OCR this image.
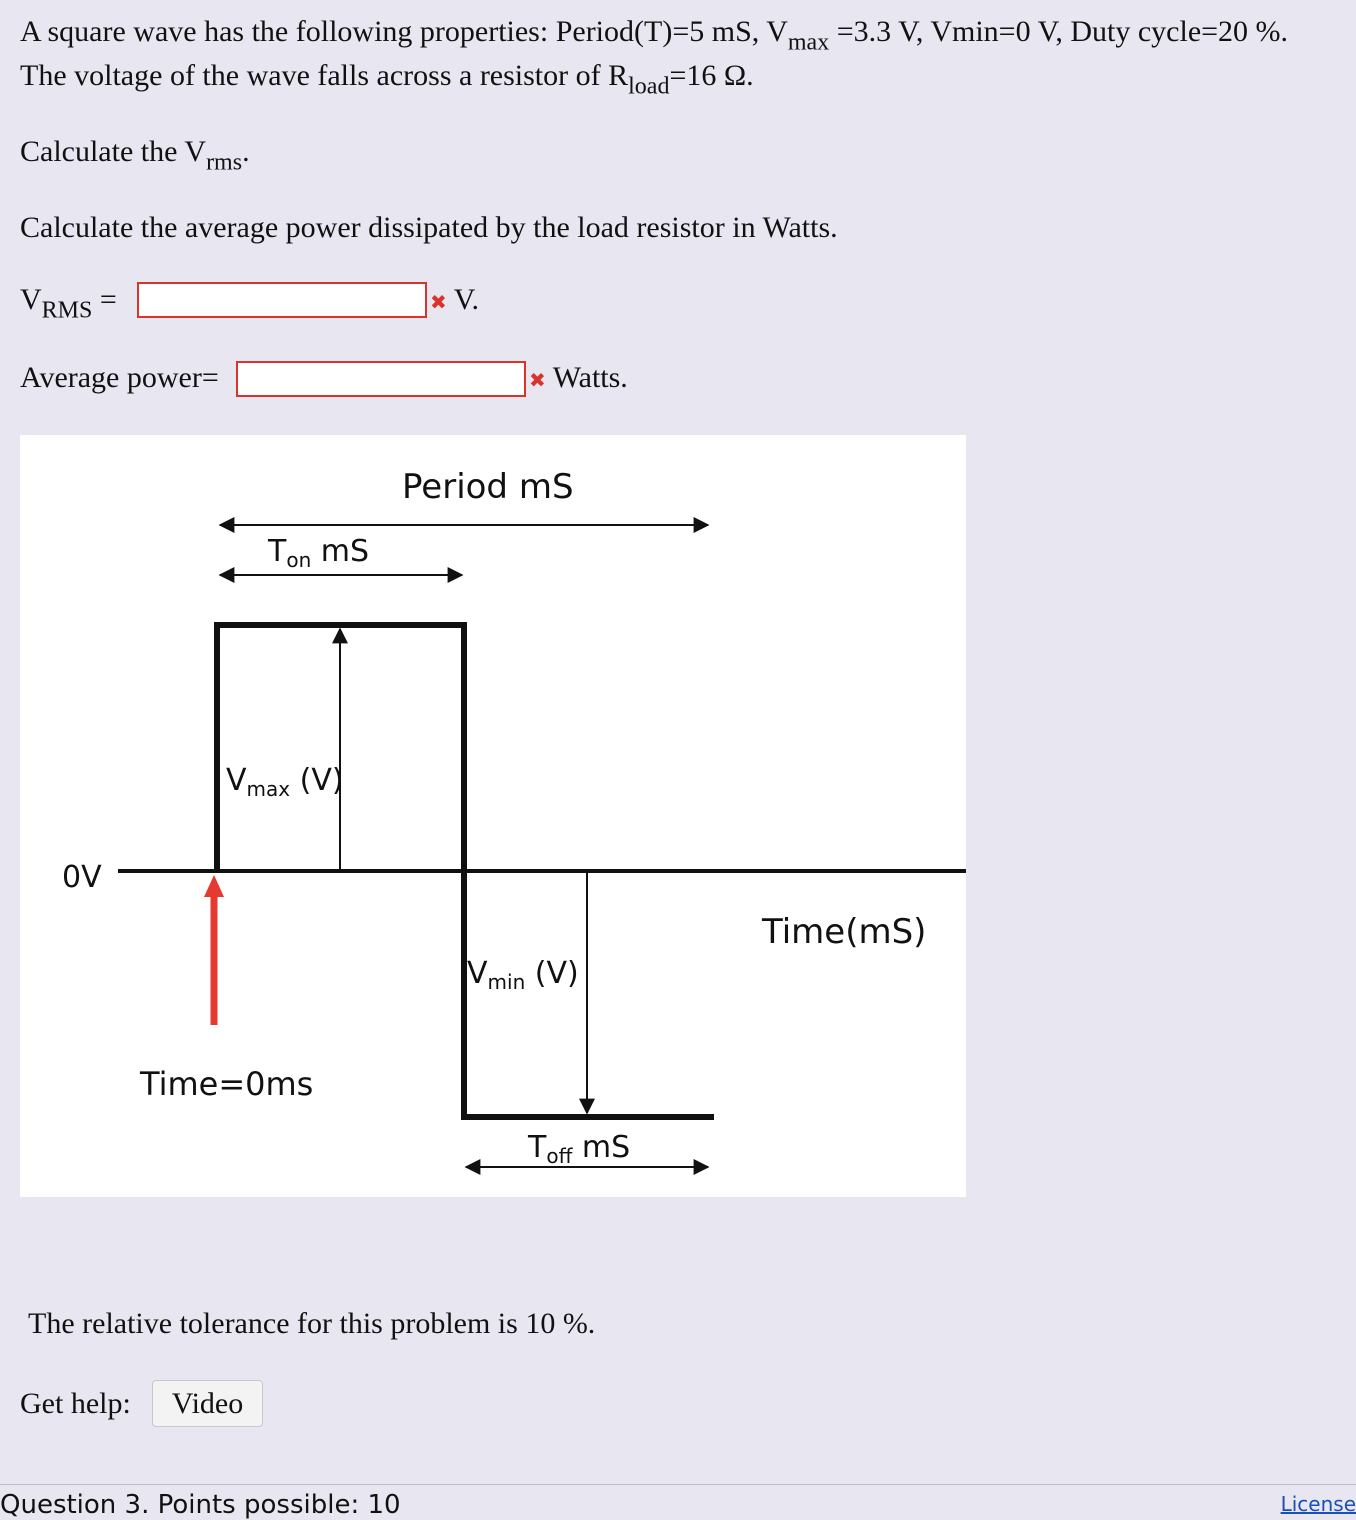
A square wave has the following properties: Period(T)=5 mS, $V_{max} =3.3$ V, Vmin=0 V, Duty cycle=20 %. The voltage of the wave falls across a resistor of $R_{load}=16$ Ω.

Calculate the $V_{rms}$.

Calculate the average power dissipated by the load resistor in Watts.

$V_{RMS}$ =	✖ V.

Average power=	✖ Watts.
Period mS
$T_{on}$ mS
$V_{max}$ (V)
$V_{min}$ (V)
$T_{off}$ mS
0V
Time(mS)
Time=0ms

The relative tolerance for this problem is 10 %.

Get help:	Video
Question 3. Points possible: 10	License
